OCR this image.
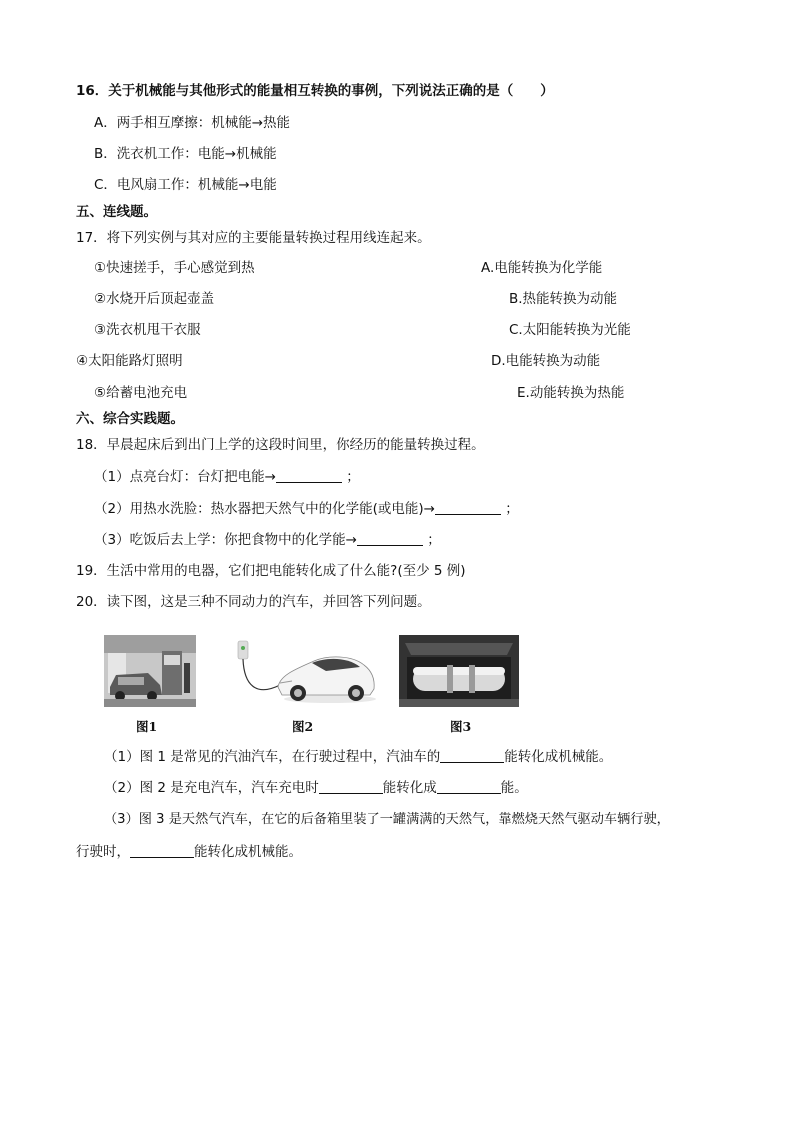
16．关于机械能与其他形式的能量相互转换的事例，下列说法正确的是（　　）
A．两手相互摩擦：机械能→热能
B．洗衣机工作：电能→机械能
C．电风扇工作：机械能→电能
五、连线题。
17．将下列实例与其对应的主要能量转换过程用线连起来。
①快速搓手，手心感觉到热
②水烧开后顶起壶盖
③洗衣机甩干衣服
④太阳能路灯照明
⑤给蓄电池充电
A.电能转换为化学能
B.热能转换为动能
C.太阳能转换为光能
D.电能转换为动能
E.动能转换为热能
六、综合实践题。
18．早晨起床后到出门上学的这段时间里，你经历的能量转换过程。
（1）点亮台灯：台灯把电能→	；
（2）用热水洗脸：热水器把天然气中的化学能(或电能)→	；
（3）吃饭后去上学：你把食物中的化学能→	；
19．生活中常用的电器，它们把电能转化成了什么能?(至少 5 例)
20．读下图，这是三种不同动力的汽车，并回答下列问题。
图1	图2	图3
（1）图 1 是常见的汽油汽车，在行驶过程中，汽油车的	能转化成机械能。
（2）图 2 是充电汽车，汽车充电时	能转化成	能。
（3）图 3 是天然气汽车，在它的后备箱里装了一罐满满的天然气，靠燃烧天然气驱动车辆行驶，
行驶时，	能转化成机械能。
